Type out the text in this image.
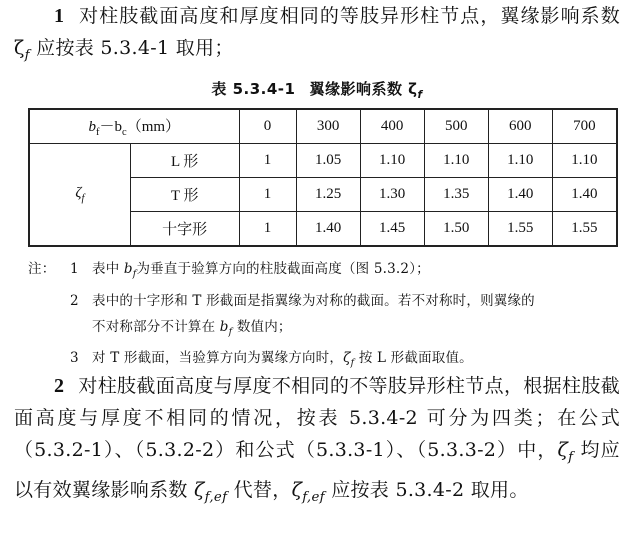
1 对柱肢截面高度和厚度相同的等肢异形柱节点，翼缘影响系数 $\zeta_f$ 应按表 5.3.4-1 取用；
表 5.3.4-1 翼缘影响系数 $\zeta_f$
$b_f-b_c(mm)$		0	300	400	500	600	700
$\zeta_f$	L 形	1	1.05	1.10	1.10	1.10	1.10
	T 形	1	1.25	1.30	1.35	1.40	1.40
	十字形	1	1.40	1.45	1.50	1.55	1.55
注：	1 表中 $b_f$为垂直于验算方向的柱肢截面高度（图 5.3.2）；
2 表中的十字形和 T 形截面是指翼缘为对称的截面。若不对称时，则翼缘的
不对称部分不计算在 $b_f$ 数值内；
3 对 T 形截面，当验算方向为翼缘方向时，$\zeta_f$ 按 L 形截面取值。
2 对柱肢截面高度与厚度不相同的不等肢异形柱节点，根据柱肢截面高度与厚度不相同的情况，按表 5.3.4-2 可分为四类；在公式（5.3.2-1）、（5.3.2-2）和公式（5.3.3-1）、（5.3.3-2）中，$\zeta_f$ 均应以有效翼缘影响系数 $\zeta_{f,ef}$ 代替，$\zeta_{f,ef}$ 应按表 5.3.4-2 取用。
